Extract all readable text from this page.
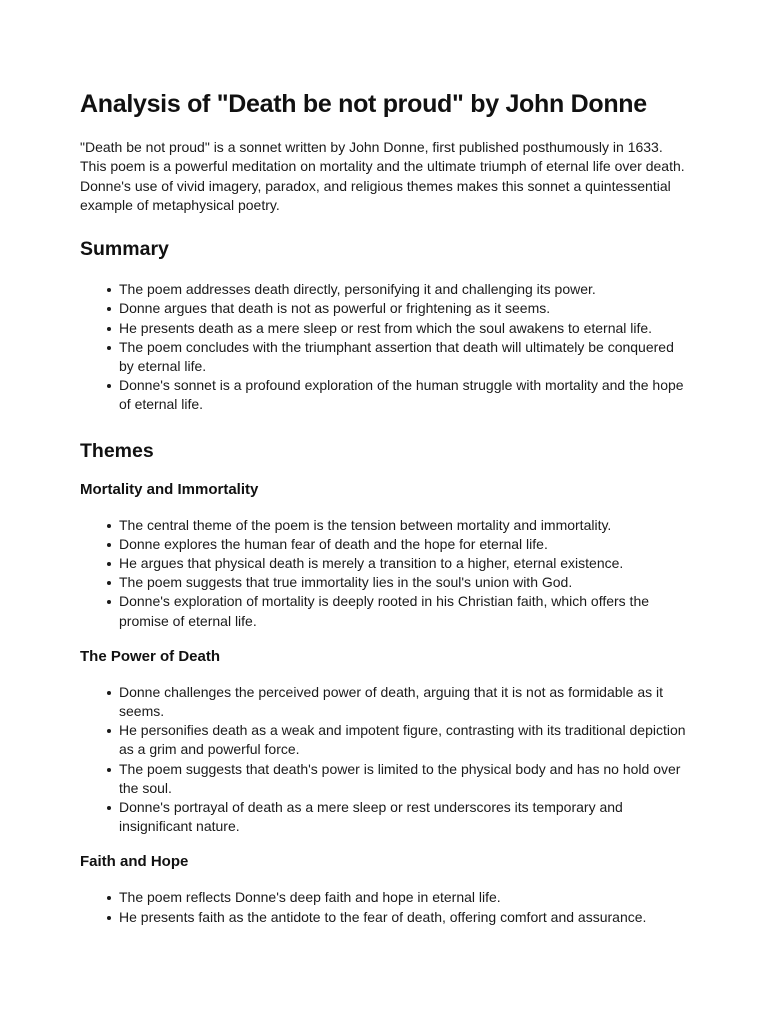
Analysis of "Death be not proud" by John Donne

"Death be not proud" is a sonnet written by John Donne, first published posthumously in 1633. This poem is a powerful meditation on mortality and the ultimate triumph of eternal life over death. Donne's use of vivid imagery, paradox, and religious themes makes this sonnet a quintessential example of metaphysical poetry.

Summary
The poem addresses death directly, personifying it and challenging its power.
Donne argues that death is not as powerful or frightening as it seems.
He presents death as a mere sleep or rest from which the soul awakens to eternal life.
The poem concludes with the triumphant assertion that death will ultimately be conquered by eternal life.
Donne's sonnet is a profound exploration of the human struggle with mortality and the hope of eternal life.
Themes
Mortality and Immortality
The central theme of the poem is the tension between mortality and immortality.
Donne explores the human fear of death and the hope for eternal life.
He argues that physical death is merely a transition to a higher, eternal existence.
The poem suggests that true immortality lies in the soul's union with God.
Donne's exploration of mortality is deeply rooted in his Christian faith, which offers the promise of eternal life.
The Power of Death
Donne challenges the perceived power of death, arguing that it is not as formidable as it seems.
He personifies death as a weak and impotent figure, contrasting with its traditional depiction as a grim and powerful force.
The poem suggests that death's power is limited to the physical body and has no hold over the soul.
Donne's portrayal of death as a mere sleep or rest underscores its temporary and insignificant nature.
Faith and Hope
The poem reflects Donne's deep faith and hope in eternal life.
He presents faith as the antidote to the fear of death, offering comfort and assurance.
